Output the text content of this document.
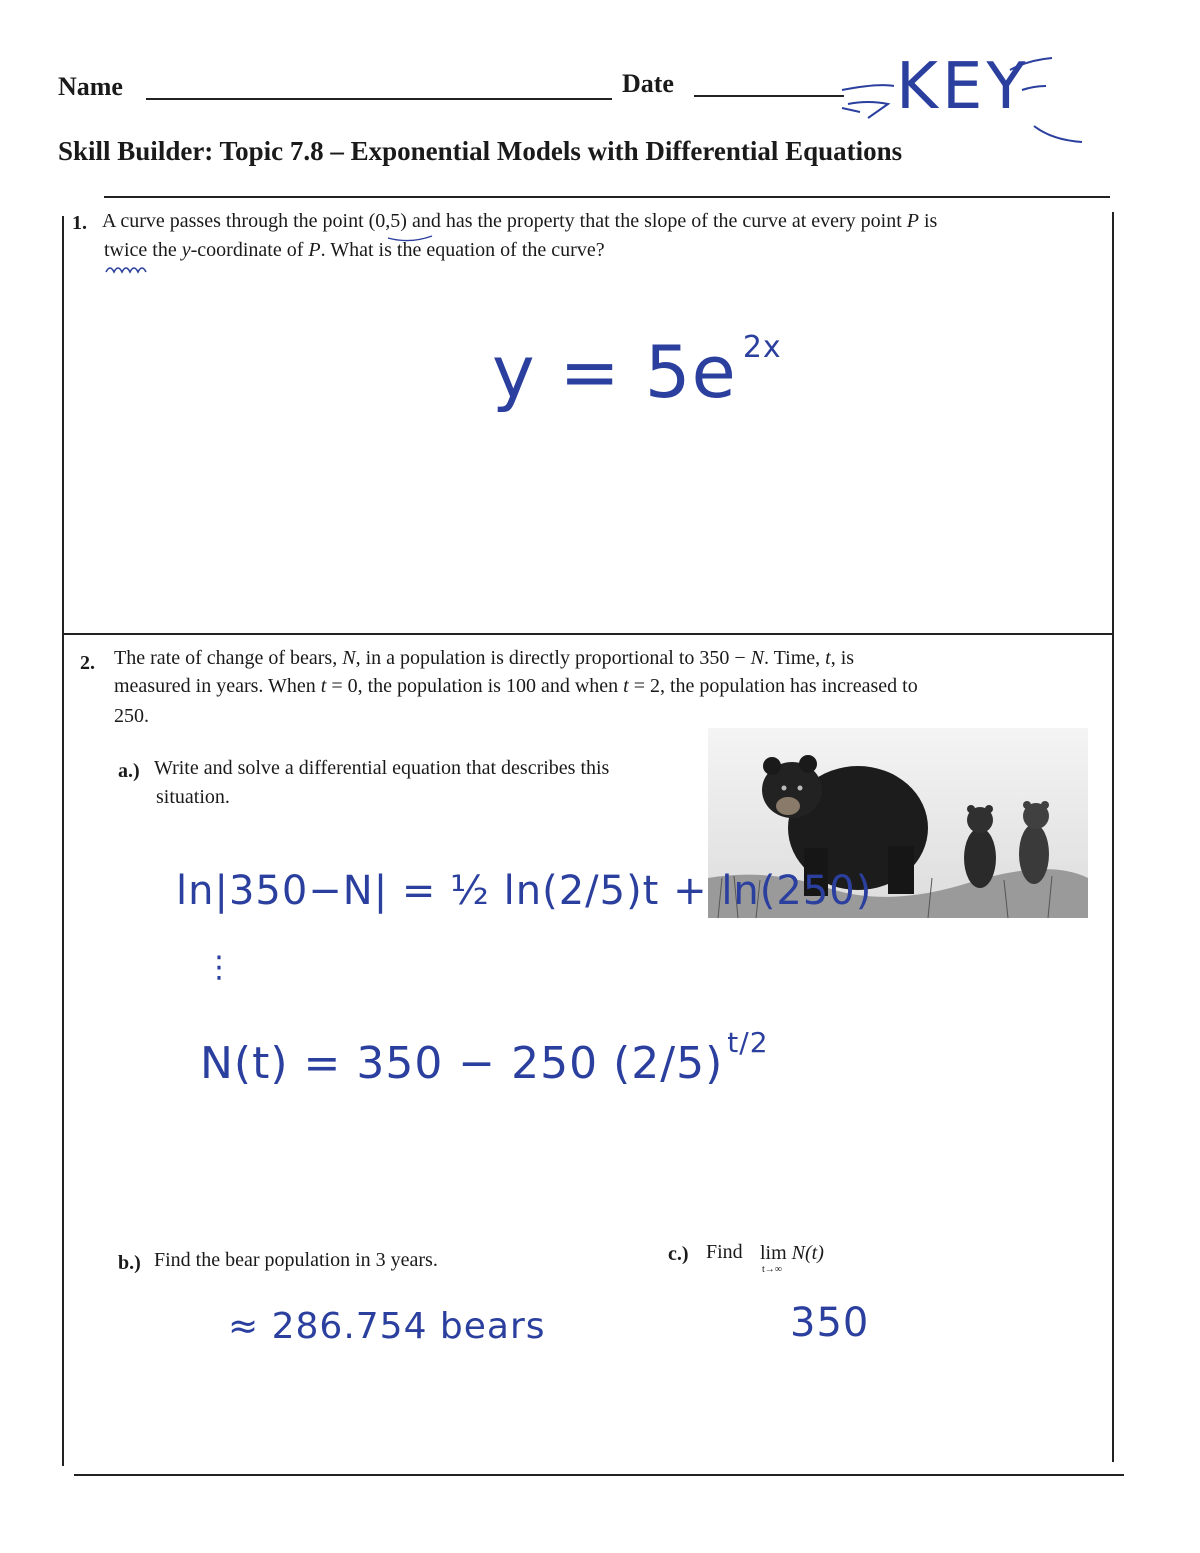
Name	Date	KEY
Skill Builder: Topic 7.8 – Exponential Models with Differential Equations
1. A curve passes through the point (0,5) and has the property that the slope of the curve at every point P is
twice the y-coordinate of P. What is the equation of the curve?
y = 5e $^{2x}$
2. The rate of change of bears, N, in a population is directly proportional to 350 − N. Time, t, is
measured in years. When t = 0, the population is 100 and when t = 2, the population has increased to
250.
a.) Write and solve a differential equation that describes this
situation.
ln|350−N| = ½ ln(2/5)t + ln(250)
⋮
N(t) = 350 − 250 (2/5) $^{t/2}$
b.) Find the bear population in 3 years.
≈ 286.754 bears
c.) Find lim N(t)
t→∞
350
